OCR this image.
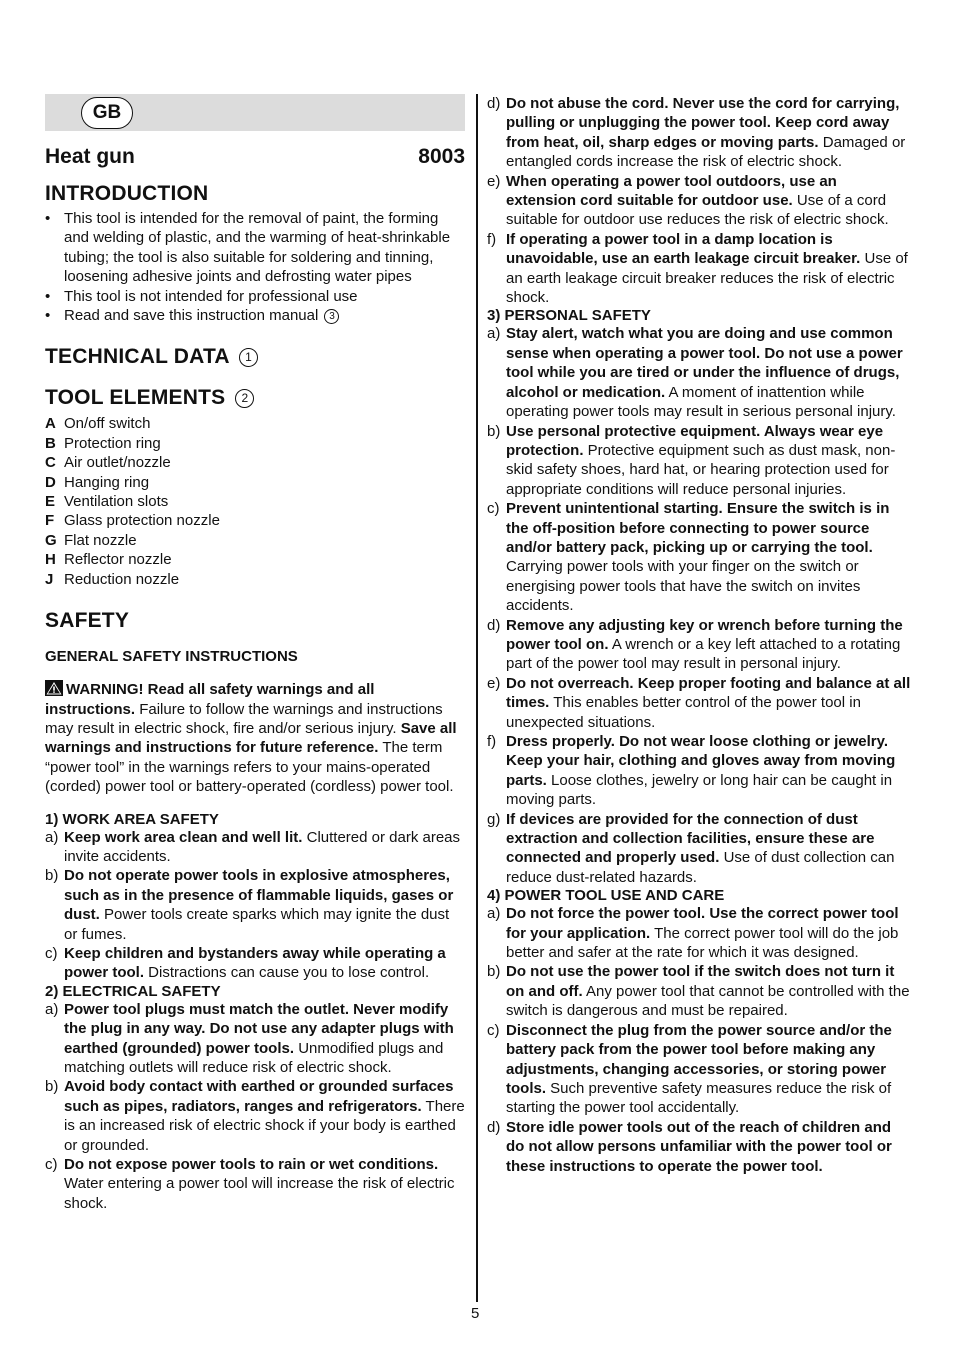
GB
Heat gun	8003
INTRODUCTION
• This tool is intended for the removal of paint, the forming and welding of plastic, and the warming of heat-shrinkable tubing; the tool is also suitable for soldering and tinning, loosening adhesive joints and defrosting water pipes
• This tool is not intended for professional use
• Read and save this instruction manual 3
TECHNICAL DATA 1
TOOL ELEMENTS 2
A On/off switch
B Protection ring
C Air outlet/nozzle
D Hanging ring
E Ventilation slots
F Glass protection nozzle
G Flat nozzle
H Reflector nozzle
J Reduction nozzle
SAFETY
GENERAL SAFETY INSTRUCTIONS
WARNING! Read all safety warnings and all instructions. Failure to follow the warnings and instructions may result in electric shock, fire and/or serious injury. Save all warnings and instructions for future reference. The term “power tool” in the warnings refers to your mains-operated (corded) power tool or battery-operated (cordless) power tool.
1) WORK AREA SAFETY
a) Keep work area clean and well lit. Cluttered or dark areas invite accidents.
b) Do not operate power tools in explosive atmospheres, such as in the presence of flammable liquids, gases or dust. Power tools create sparks which may ignite the dust or fumes.
c) Keep children and bystanders away while operating a power tool. Distractions can cause you to lose control.
2) ELECTRICAL SAFETY
a) Power tool plugs must match the outlet. Never modify the plug in any way. Do not use any adapter plugs with earthed (grounded) power tools. Unmodified plugs and matching outlets will reduce risk of electric shock.
b) Avoid body contact with earthed or grounded surfaces such as pipes, radiators, ranges and refrigerators. There is an increased risk of electric shock if your body is earthed or grounded.
c) Do not expose power tools to rain or wet conditions. Water entering a power tool will increase the risk of electric shock.
d) Do not abuse the cord. Never use the cord for carrying, pulling or unplugging the power tool. Keep cord away from heat, oil, sharp edges or moving parts. Damaged or entangled cords increase the risk of electric shock.
e) When operating a power tool outdoors, use an extension cord suitable for outdoor use. Use of a cord suitable for outdoor use reduces the risk of electric shock.
f) If operating a power tool in a damp location is unavoidable, use an earth leakage circuit breaker. Use of an earth leakage circuit breaker reduces the risk of electric shock.
3) PERSONAL SAFETY
a) Stay alert, watch what you are doing and use common sense when operating a power tool. Do not use a power tool while you are tired or under the influence of drugs, alcohol or medication. A moment of inattention while operating power tools may result in serious personal injury.
b) Use personal protective equipment. Always wear eye protection. Protective equipment such as dust mask, non-skid safety shoes, hard hat, or hearing protection used for appropriate conditions will reduce personal injuries.
c) Prevent unintentional starting. Ensure the switch is in the off-position before connecting to power source and/or battery pack, picking up or carrying the tool. Carrying power tools with your finger on the switch or energising power tools that have the switch on invites accidents.
d) Remove any adjusting key or wrench before turning the power tool on. A wrench or a key left attached to a rotating part of the power tool may result in personal injury.
e) Do not overreach. Keep proper footing and balance at all times. This enables better control of the power tool in unexpected situations.
f) Dress properly. Do not wear loose clothing or jewelry. Keep your hair, clothing and gloves away from moving parts. Loose clothes, jewelry or long hair can be caught in moving parts.
g) If devices are provided for the connection of dust extraction and collection facilities, ensure these are connected and properly used. Use of dust collection can reduce dust-related hazards.
4) POWER TOOL USE AND CARE
a) Do not force the power tool. Use the correct power tool for your application. The correct power tool will do the job better and safer at the rate for which it was designed.
b) Do not use the power tool if the switch does not turn it on and off. Any power tool that cannot be controlled with the switch is dangerous and must be repaired.
c) Disconnect the plug from the power source and/or the battery pack from the power tool before making any adjustments, changing accessories, or storing power tools. Such preventive safety measures reduce the risk of starting the power tool accidentally.
d) Store idle power tools out of the reach of children and do not allow persons unfamiliar with the power tool or these instructions to operate the power tool.
5
